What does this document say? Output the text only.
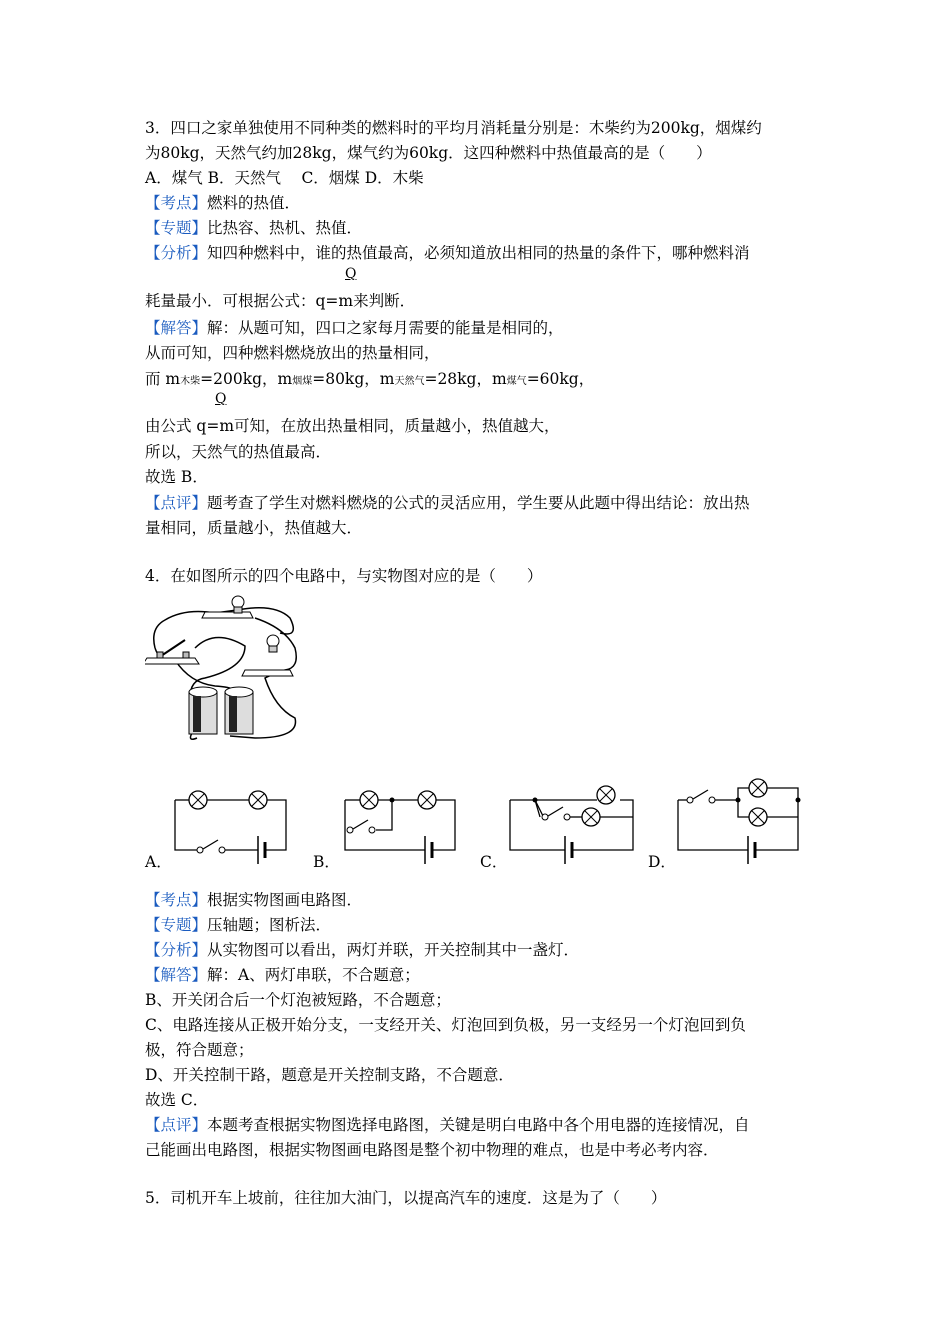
3．四口之家单独使用不同种类的燃料时的平均月消耗量分别是：木柴约为200kg，烟煤约
为80kg，天然气约加28kg，煤气约为60kg．这四种燃料中热值最高的是（　　）
A．煤气 B．天然气　 C．烟煤 D．木柴
【考点】燃料的热值．
【专题】比热容、热机、热值．
【分析】知四种燃料中，谁的热值最高，必须知道放出相同的热量的条件下，哪种燃料消
Q
耗量最小．可根据公式：q=m来判断．
【解答】解：从题可知，四口之家每月需要的能量是相同的，
从而可知，四种燃料燃烧放出的热量相同，
而 m木柴=200kg，m烟煤=80kg，m天然气=28kg，m煤气=60kg，
Q
由公式 q=m可知，在放出热量相同，质量越小，热值越大，
所以，天然气的热值最高．
故选 B．
【点评】题考查了学生对燃料燃烧的公式的灵活应用，学生要从此题中得出结论：放出热
量相同，质量越小，热值越大．
4．在如图所示的四个电路中，与实物图对应的是（　　）
A．	B．	C．	D．
【考点】根据实物图画电路图．
【专题】压轴题；图析法．
【分析】从实物图可以看出，两灯并联，开关控制其中一盏灯．
【解答】解：A、两灯串联，不合题意；
B、开关闭合后一个灯泡被短路，不合题意；
C、电路连接从正极开始分支，一支经开关、灯泡回到负极，另一支经另一个灯泡回到负
极，符合题意；
D、开关控制干路，题意是开关控制支路，不合题意．
故选 C．
【点评】本题考查根据实物图选择电路图，关键是明白电路中各个用电器的连接情况，自
己能画出电路图，根据实物图画电路图是整个初中物理的难点，也是中考必考内容．
5．司机开车上坡前，往往加大油门，以提高汽车的速度．这是为了（　　）
